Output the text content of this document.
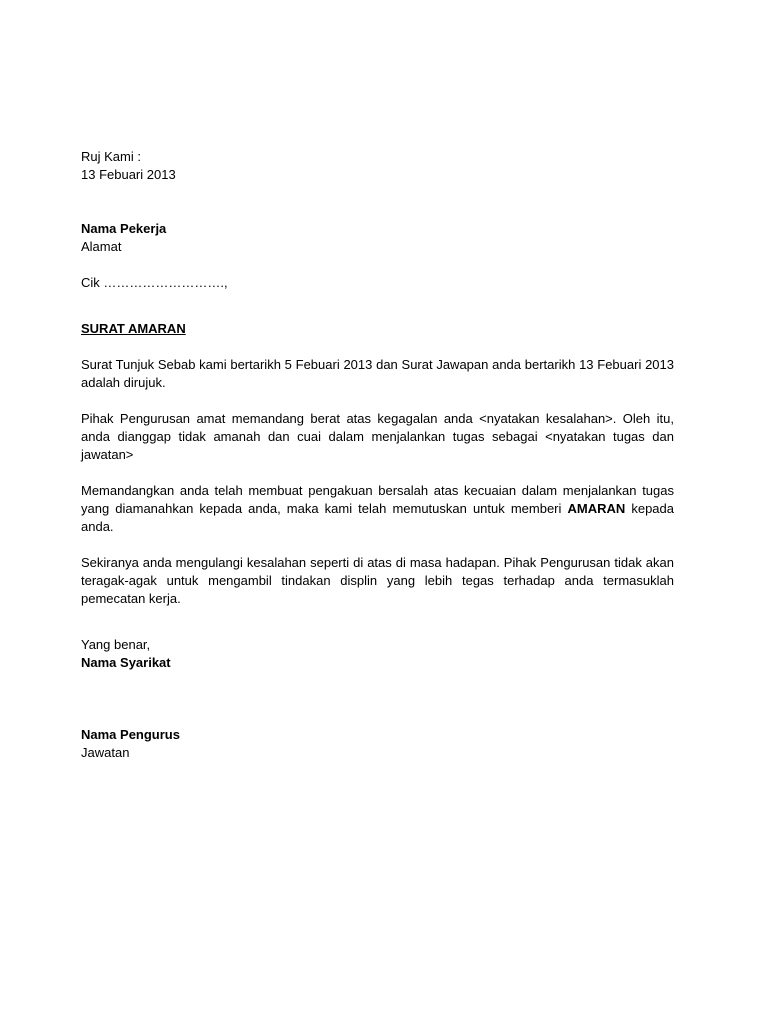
Ruj Kami :
13 Febuari 2013
Nama Pekerja
Alamat
Cik ……………………….,
SURAT AMARAN

Surat Tunjuk Sebab kami bertarikh 5 Febuari 2013 dan Surat Jawapan anda bertarikh 13 Febuari 2013 adalah dirujuk.

Pihak Pengurusan amat memandang berat atas kegagalan anda <nyatakan kesalahan>. Oleh itu, anda dianggap tidak amanah dan cuai dalam menjalankan tugas sebagai <nyatakan tugas dan jawatan>

Memandangkan anda telah membuat pengakuan bersalah atas kecuaian dalam menjalankan tugas yang diamanahkan kepada anda, maka kami telah memutuskan untuk memberi AMARAN kepada anda.

Sekiranya anda mengulangi kesalahan seperti di atas di masa hadapan. Pihak Pengurusan tidak akan teragak-agak untuk mengambil tindakan displin yang lebih tegas terhadap anda termasuklah pemecatan kerja.

Yang benar,
Nama Syarikat
Nama Pengurus
Jawatan
